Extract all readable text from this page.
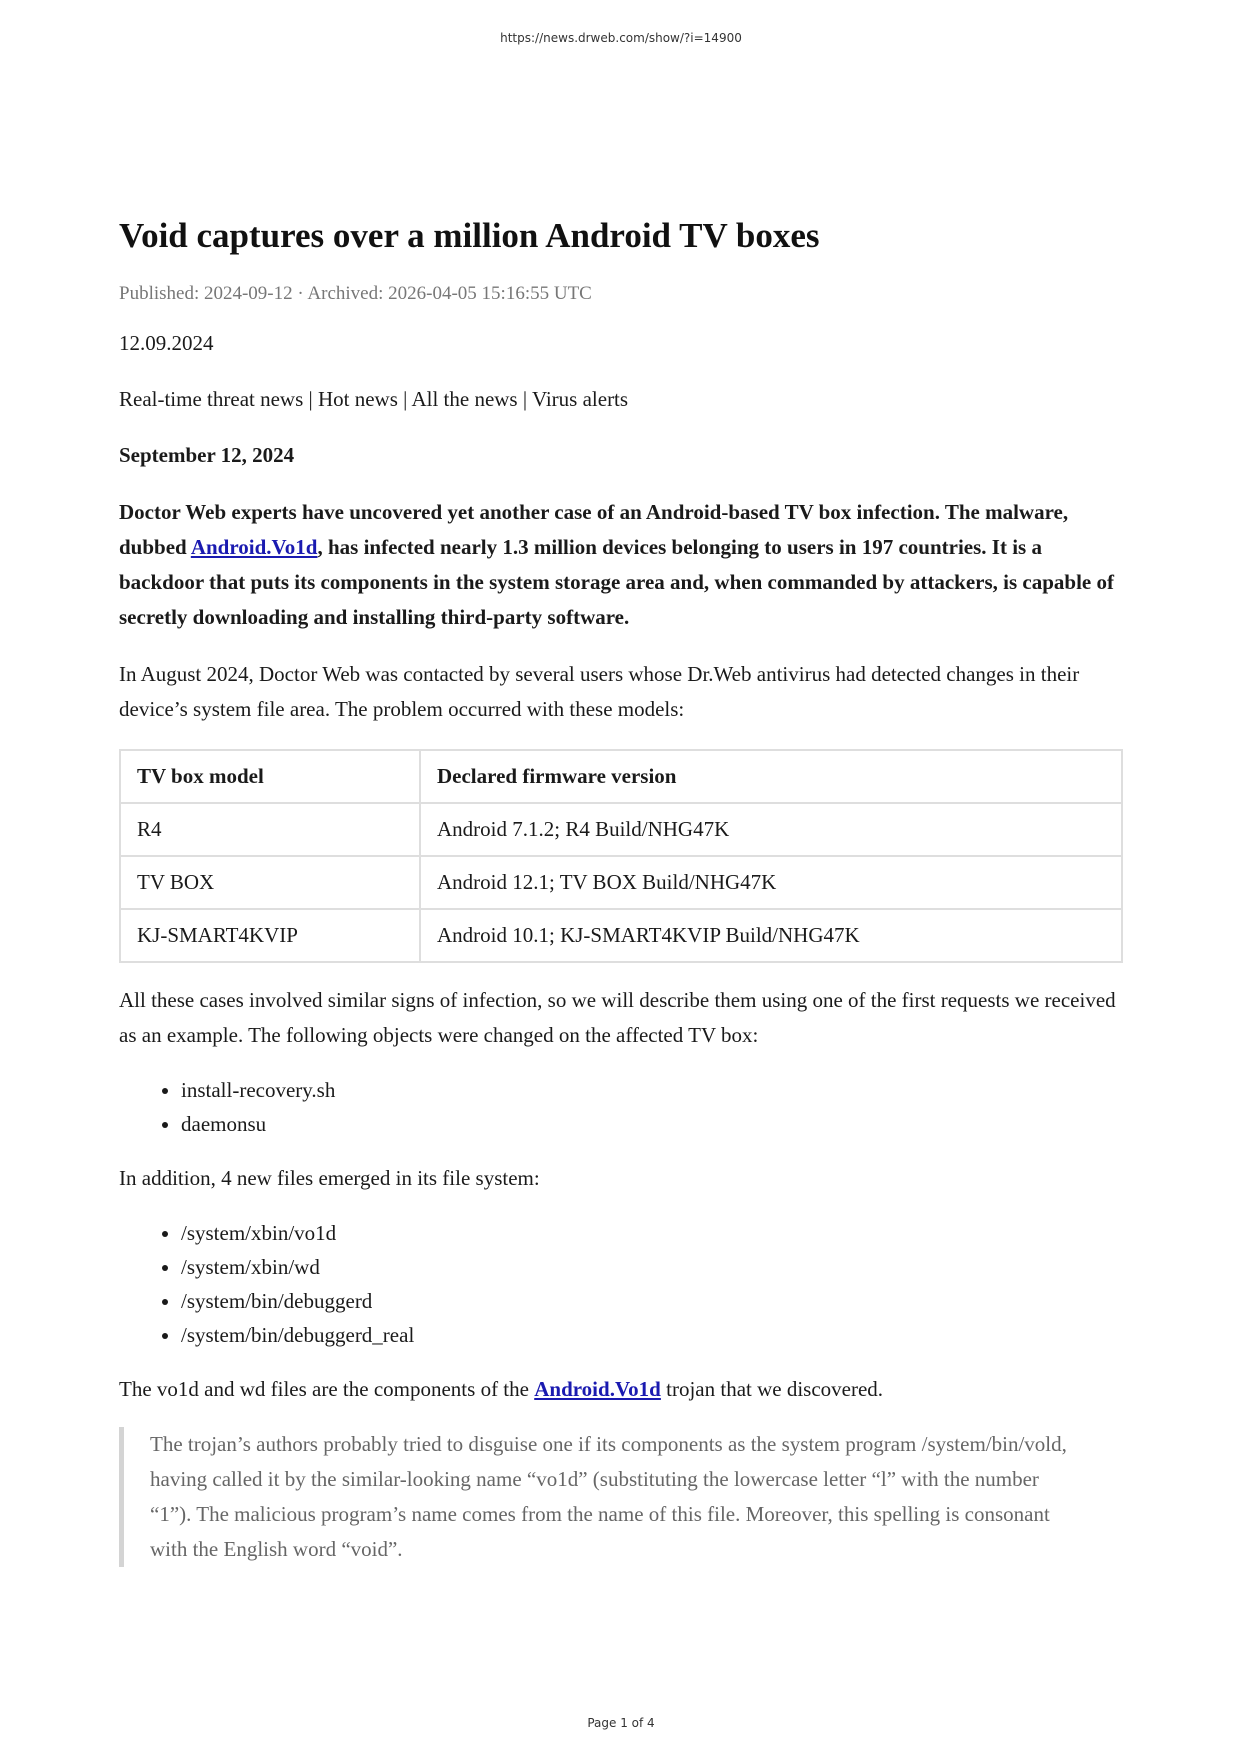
https://news.drweb.com/show/?i=14900
Void captures over a million Android TV boxes
Published: 2024-09-12 · Archived: 2026-04-05 15:16:55 UTC

12.09.2024

Real-time threat news | Hot news | All the news | Virus alerts

September 12, 2024

Doctor Web experts have uncovered yet another case of an Android-based TV box infection. The malware, dubbed Android.Vo1d, has infected nearly 1.3 million devices belonging to users in 197 countries. It is a backdoor that puts its components in the system storage area and, when commanded by attackers, is capable of secretly downloading and installing third-party software.

In August 2024, Doctor Web was contacted by several users whose Dr.Web antivirus had detected changes in their device’s system file area. The problem occurred with these models:

TV box model	Declared firmware version
R4	Android 7.1.2; R4 Build/NHG47K
TV BOX	Android 12.1; TV BOX Build/NHG47K
KJ-SMART4KVIP	Android 10.1; KJ-SMART4KVIP Build/NHG47K

All these cases involved similar signs of infection, so we will describe them using one of the first requests we received as an example. The following objects were changed on the affected TV box:

• install-recovery.sh
• daemonsu

In addition, 4 new files emerged in its file system:

• /system/xbin/vo1d
• /system/xbin/wd
• /system/bin/debuggerd
• /system/bin/debuggerd_real

The vo1d and wd files are the components of the Android.Vo1d trojan that we discovered.

The trojan’s authors probably tried to disguise one if its components as the system program /system/bin/vold, having called it by the similar-looking name “vo1d” (substituting the lowercase letter “l” with the number “1”). The malicious program’s name comes from the name of this file. Moreover, this spelling is consonant with the English word “void”.
Page 1 of 4
